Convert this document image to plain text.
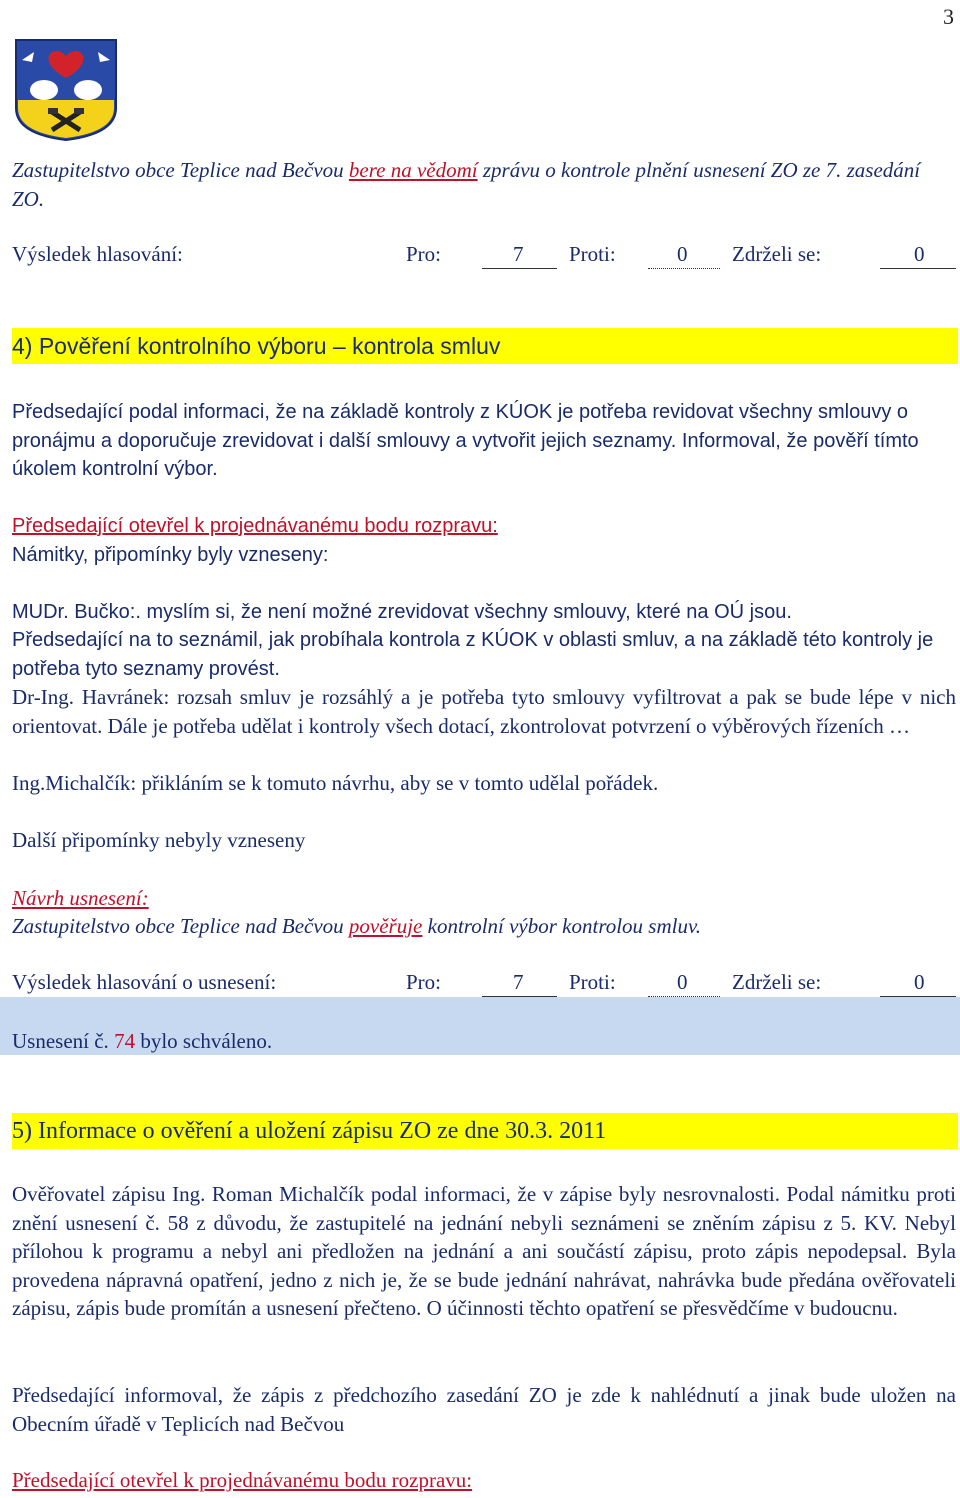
3
Zastupitelstvo obce Teplice nad Bečvou bere na vědomí zprávu o kontrole plnění usnesení ZO ze 7. zasedání ZO.
Výsledek hlasování:	Pro:	7 Proti:	0 Zdrželi se:	0
4) Pověření kontrolního výboru – kontrola smluv
Předsedající podal informaci, že na základě kontroly z KÚOK je potřeba revidovat všechny smlouvy o pronájmu a doporučuje zrevidovat i další smlouvy a vytvořit jejich seznamy. Informoval, že pověří tímto úkolem kontrolní výbor.
Předsedající otevřel k projednávanému bodu rozpravu:
Námitky, připomínky byly vzneseny:
MUDr. Bučko:. myslím si, že není možné zrevidovat všechny smlouvy, které na OÚ jsou.
Předsedající na to seznámil, jak probíhala kontrola z KÚOK v oblasti smluv, a na základě této kontroly je potřeba tyto seznamy provést.
Dr-Ing. Havránek: rozsah smluv je rozsáhlý a je potřeba tyto smlouvy vyfiltrovat a pak se bude lépe v nich orientovat. Dále je potřeba udělat i kontroly všech dotací, zkontrolovat potvrzení o výběrových řízeních …
Ing.Michalčík: přikláním se k tomuto návrhu, aby se v tomto udělal pořádek.
Další připomínky nebyly vzneseny
Návrh usnesení:
Zastupitelstvo obce Teplice nad Bečvou pověřuje kontrolní výbor kontrolou smluv.
Výsledek hlasování o usnesení:	Pro:	7 Proti:	0 Zdrželi se:	0
Usnesení č. 74 bylo schváleno.
5) Informace o ověření a uložení zápisu ZO ze dne 30.3. 2011
Ověřovatel zápisu Ing. Roman Michalčík podal informaci, že v zápise byly nesrovnalosti. Podal námitku proti znění usnesení č. 58 z důvodu, že zastupitelé na jednání nebyli seznámeni se zněním zápisu z 5. KV. Nebyl přílohou k programu a nebyl ani předložen na jednání a ani součástí zápisu, proto zápis nepodepsal. Byla provedena nápravná opatření, jedno z nich je, že se bude jednání nahrávat, nahrávka bude předána ověřovateli zápisu, zápis bude promítán a usnesení přečteno. O účinnosti těchto opatření se přesvědčíme v budoucnu.
Předsedající informoval, že zápis z předchozího zasedání ZO je zde k nahlédnutí a jinak bude uložen na Obecním úřadě v Teplicích nad Bečvou
Předsedající otevřel k projednávanému bodu rozpravu:
